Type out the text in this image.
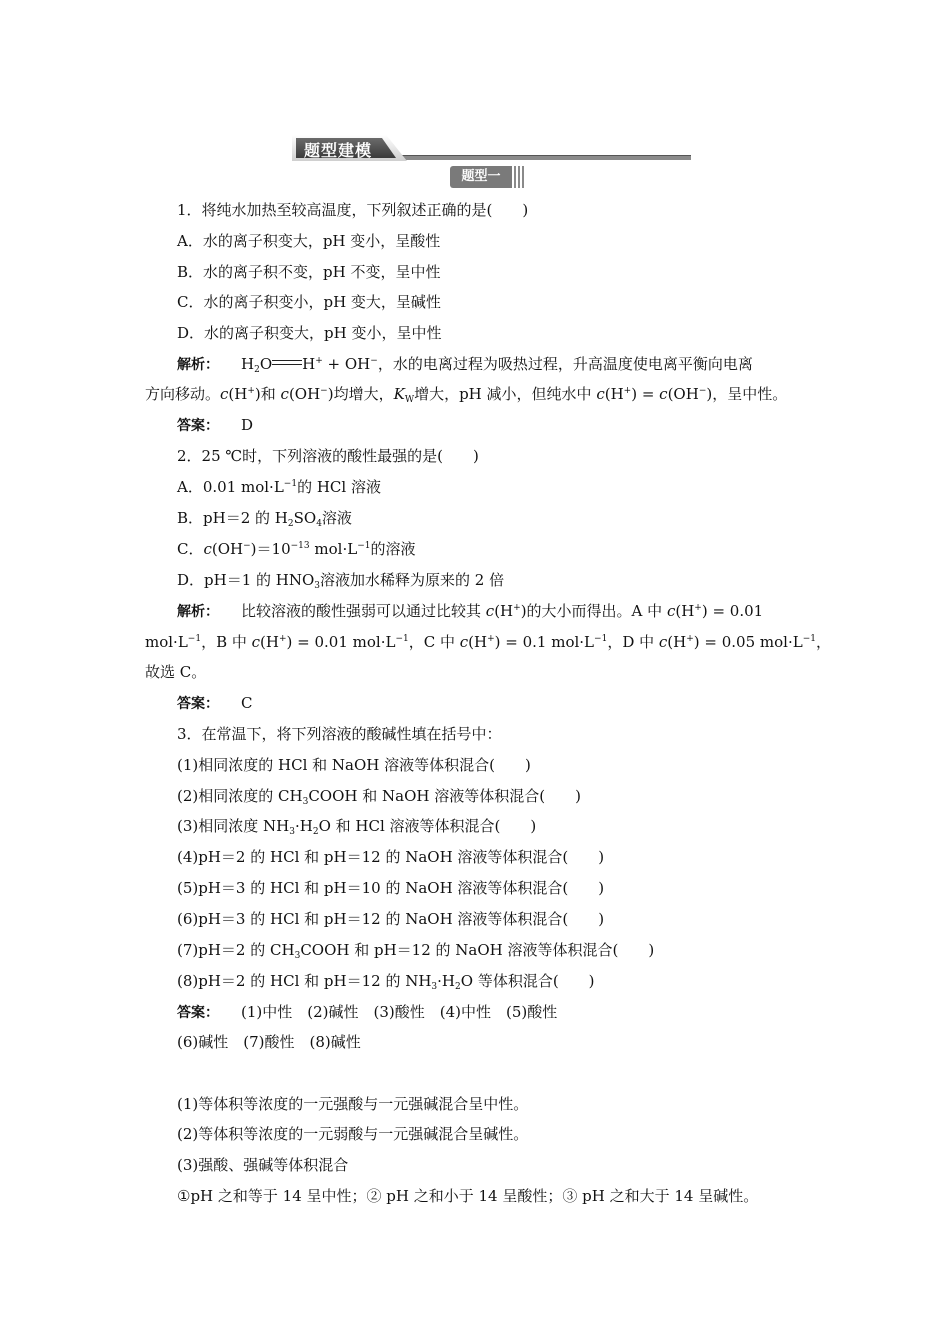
题型建模
题型一
1．将纯水加热至较高温度，下列叙述正确的是(　　)
A．水的离子积变大，pH 变小，呈酸性
B．水的离子积不变，pH 不变，呈中性
C．水的离子积变小，pH 变大，呈碱性
D．水的离子积变大，pH 变小，呈中性
解析： $H_2O$ H+ + OH−，水的电离过程为吸热过程，升高温度使电离平衡向电离
方向移动。c(H+)和 c(OH−)均增大，$K_W$增大，pH 减小，但纯水中 c(H+) = c(OH−)，呈中性。
答案： D
2．25 ℃时，下列溶液的酸性最强的是(　　)
A．0.01 $mol\cdot L^{-1}$的 HCl 溶液
B．pH＝2 的 $H_2SO_4$溶液
C．$c(OH^-)=10^{-13}$ $mol\cdot L^{-1}$的溶液
D．pH＝1 的 $HNO_3$溶液加水稀释为原来的 2 倍
解析： 比较溶液的酸性强弱可以通过比较其 c(H+)的大小而得出。A 中 c(H+) = 0.01
$mol\cdot L^{-1}$，B 中 c(H+) = 0.01 $mol\cdot L^{-1}$，C 中 c(H+) = 0.1 $mol\cdot L^{-1}$，D 中 c(H+) = 0.05 $mol\cdot L^{-1}$，
故选 C。
答案： C
3．在常温下，将下列溶液的酸碱性填在括号中：
(1)相同浓度的 HCl 和 NaOH 溶液等体积混合(　　)
(2)相同浓度的 $CH_3COOH$ 和 NaOH 溶液等体积混合(　　)
(3)相同浓度 $NH_3\cdot H_2O$ 和 HCl 溶液等体积混合(　　)
(4)pH＝2 的 HCl 和 pH＝12 的 NaOH 溶液等体积混合(　　)
(5)pH＝3 的 HCl 和 pH＝10 的 NaOH 溶液等体积混合(　　)
(6)pH＝3 的 HCl 和 pH＝12 的 NaOH 溶液等体积混合(　　)
(7)pH＝2 的 $CH_3COOH$ 和 pH＝12 的 NaOH 溶液等体积混合(　　)
(8)pH＝2 的 HCl 和 pH＝12 的 $NH_3\cdot H_2O$ 等体积混合(　　)
答案： (1)中性　(2)碱性　(3)酸性　(4)中性　(5)酸性
(6)碱性　(7)酸性　(8)碱性
(1)等体积等浓度的一元强酸与一元强碱混合呈中性。
(2)等体积等浓度的一元弱酸与一元强碱混合呈碱性。
(3)强酸、强碱等体积混合
①pH 之和等于 14 呈中性；② pH 之和小于 14 呈酸性；③ pH 之和大于 14 呈碱性。
